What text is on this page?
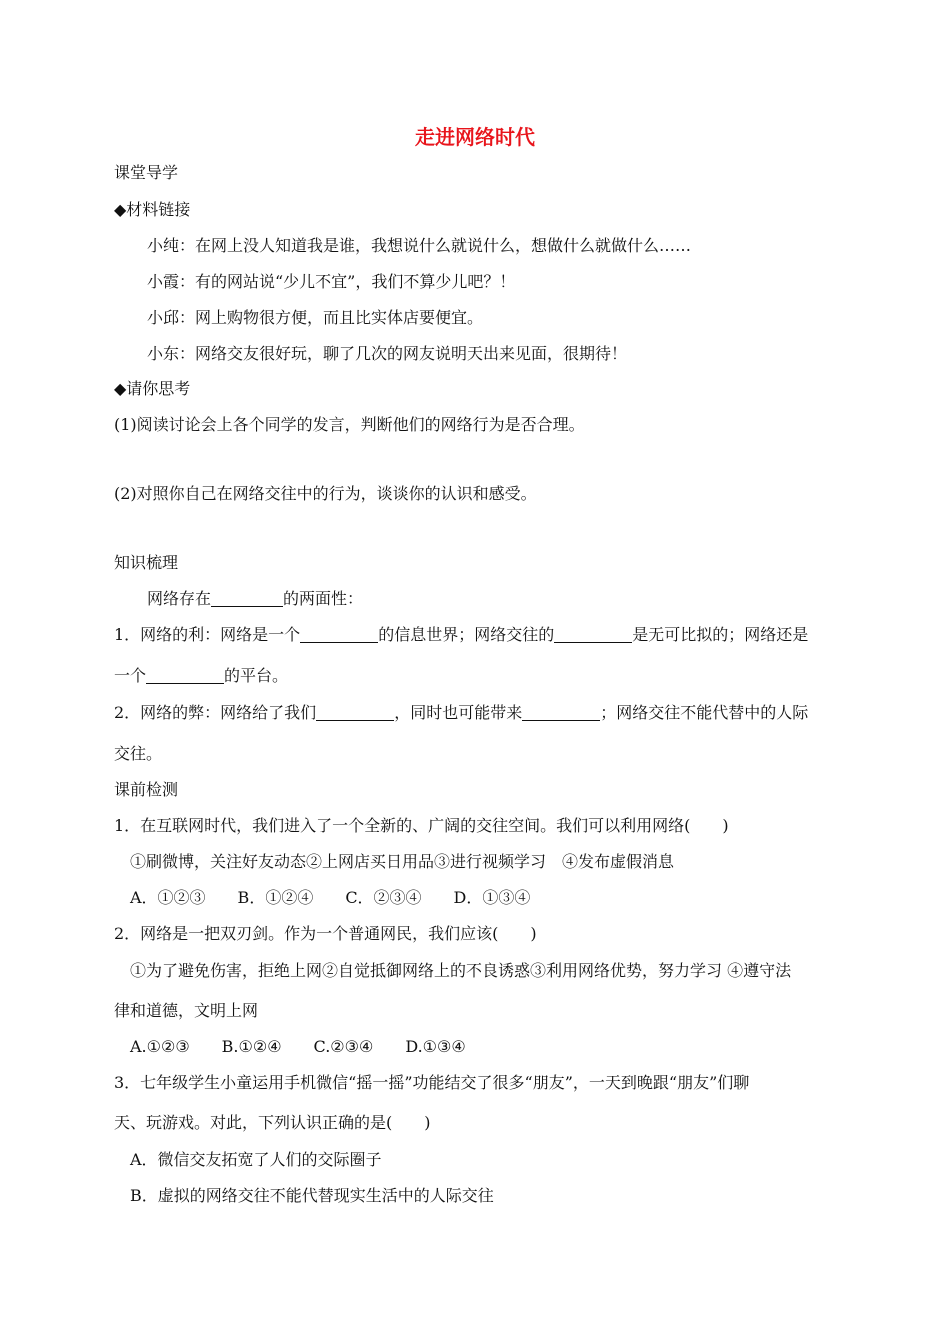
走进网络时代
课堂导学
◆材料链接
小纯：在网上没人知道我是谁，我想说什么就说什么，想做什么就做什么……
小霞：有的网站说“少儿不宜”，我们不算少儿吧？！
小邱：网上购物很方便，而且比实体店要便宜。
小东：网络交友很好玩，聊了几次的网友说明天出来见面，很期待！
◆请你思考
(1)阅读讨论会上各个同学的发言，判断他们的网络行为是否合理。
(2)对照你自己在网络交往中的行为，谈谈你的认识和感受。
知识梳理
网络存在	的两面性：
1．网络的利：网络是一个	的信息世界；网络交往的	是无可比拟的；网络还是
一个	的平台。
2．网络的弊：网络给了我们	，同时也可能带来	；网络交往不能代替中的人际
交往。
课前检测
1．在互联网时代，我们进入了一个全新的、广阔的交往空间。我们可以利用网络(　　)
①刷微博，关注好友动态②上网店买日用品③进行视频学习　④发布虚假消息
A．①②③　　B．①②④　　C．②③④　　D．①③④
2．网络是一把双刃剑。作为一个普通网民，我们应该(　　)
①为了避免伤害，拒绝上网②自觉抵御网络上的不良诱惑③利用网络优势，努力学习 ④遵守法
律和道德，文明上网
A.①②③　　B.①②④　　C.②③④　　D.①③④
3．七年级学生小童运用手机微信“摇一摇”功能结交了很多“朋友”，一天到晚跟“朋友”们聊
天、玩游戏。对此，下列认识正确的是(　　)
A．微信交友拓宽了人们的交际圈子
B．虚拟的网络交往不能代替现实生活中的人际交往
